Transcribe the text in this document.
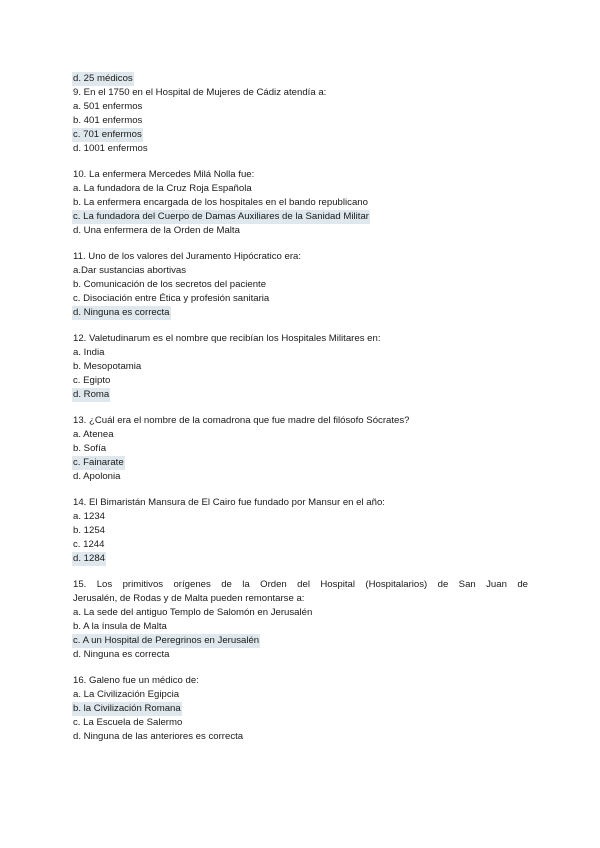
d. 25 médicos
9. En el 1750 en el Hospital de Mujeres de Cádiz atendía a:
a. 501 enfermos
b. 401 enfermos
c. 701 enfermos
d. 1001 enfermos
10. La enfermera Mercedes Milá Nolla fue:
a. La fundadora de la Cruz Roja Española
b. La enfermera encargada de los hospitales en el bando republicano
c. La fundadora del Cuerpo de Damas Auxiliares de la Sanidad Militar
d. Una enfermera de la Orden de Malta
11. Uno de los valores del Juramento Hipócratico era:
a.Dar sustancias abortivas
b. Comunicación de los secretos del paciente
c. Disociación entre Ética y profesión sanitaria
d. Ninguna es correcta
12. Valetudinarum es el nombre que recibían los Hospitales Militares en:
a. India
b. Mesopotamia
c. Egipto
d. Roma
13. ¿Cuál era el nombre de la comadrona que fue madre del filósofo Sócrates?
a. Atenea
b. Sofía
c. Fainarate
d. Apolonia
14. El Bimaristán Mansura de El Cairo fue fundado por Mansur en el año:
a. 1234
b. 1254
c. 1244
d. 1284
15. Los primitivos orígenes de la Orden del Hospital (Hospitalarios) de San Juan de
Jerusalén, de Rodas y de Malta pueden remontarse a:
a. La sede del antiguo Templo de Salomón en Jerusalén
b. A la ínsula de Malta
c. A un Hospital de Peregrinos en Jerusalén
d. Ninguna es correcta
16. Galeno fue un médico de:
a. La Civilización Egipcia
b. la Civilización Romana
c. La Escuela de Salermo
d. Ninguna de las anteriores es correcta
